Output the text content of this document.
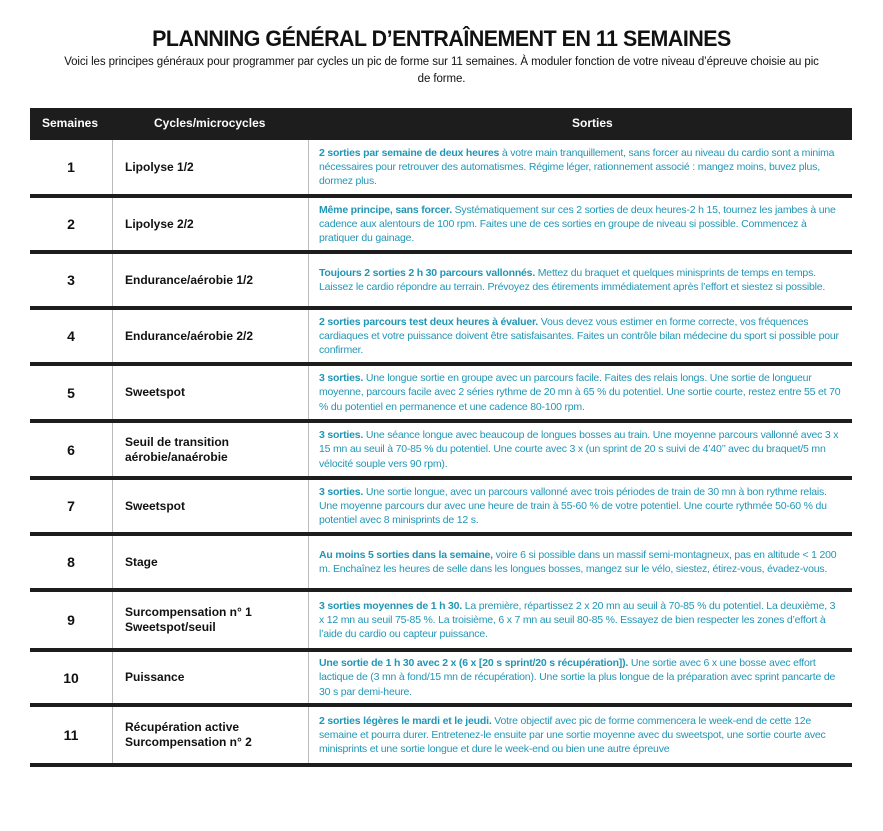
PLANNING GÉNÉRAL D’ENTRAÎNEMENT EN 11 SEMAINES
Voici les principes généraux pour programmer par cycles un pic de forme sur 11 semaines. À moduler fonction de votre niveau d’épreuve choisie au pic de forme.
Semaines	Cycles/microcycles	Sorties
1	Lipolyse 1/2
2 sorties par semaine de deux heures à votre main tranquillement, sans forcer au niveau du cardio sont a minima nécessaires pour retrouver des automatismes. Régime léger, rationnement associé : mangez moins, buvez plus, dormez plus.
2	Lipolyse 2/2
Même principe, sans forcer. Systématiquement sur ces 2 sorties de deux heures-2 h 15, tournez les jambes à une cadence aux alentours de 100 rpm. Faites une de ces sorties en groupe de niveau si possible. Commencez à pratiquer du gainage.
3	Endurance/aérobie 1/2	Toujours 2 sorties 2 h 30 parcours vallonnés. Mettez du braquet et quelques minisprints de temps en temps. Laissez le cardio répondre au terrain. Prévoyez des étirements immédiatement après l’effort et siestez si possible.
4	Endurance/aérobie 2/2
2 sorties parcours test deux heures à évaluer. Vous devez vous estimer en forme correcte, vos fréquences cardiaques et votre puissance doivent être satisfaisantes. Faites un contrôle bilan médecine du sport si possible pour confirmer.
5	Sweetspot
3 sorties. Une longue sortie en groupe avec un parcours facile. Faites des relais longs. Une sortie de longueur moyenne, parcours facile avec 2 séries rythme de 20 mn à 65 % du potentiel. Une sortie courte, restez entre 55 et 70 % du potentiel en permanence et une cadence 80-100 rpm.
6	Seuil de transition aérobie/anaérobie
3 sorties. Une séance longue avec beaucoup de longues bosses au train. Une moyenne parcours vallonné avec 3 x 15 mn au seuil à 70-85 % du potentiel. Une courte avec 3 x (un sprint de 20 s suivi de 4’40’’ avec du braquet/5 mn vélocité souple vers 90 rpm).
7	Sweetspot
3 sorties. Une sortie longue, avec un parcours vallonné avec trois périodes de train de 30 mn à bon rythme relais. Une moyenne parcours dur avec une heure de train à 55-60 % de votre potentiel. Une courte rythmée 50-60 % du potentiel avec 8 minisprints de 12 s.
8	Stage	Au moins 5 sorties dans la semaine, voire 6 si possible dans un massif semi-montagneux, pas en altitude < 1 200 m. Enchaînez les heures de selle dans les longues bosses, mangez sur le vélo, siestez, étirez-vous, évadez-vous.
9	Surcompensation n° 1 Sweetspot/seuil
3 sorties moyennes de 1 h 30. La première, répartissez 2 x 20 mn au seuil à 70-85 % du potentiel. La deuxième, 3 x 12 mn au seuil 75-85 %. La troisième, 6 x 7 mn au seuil 80-85 %. Essayez de bien respecter les zones d’effort à l’aide du cardio ou capteur puissance.
10	Puissance
Une sortie de 1 h 30 avec 2 x (6 x [20 s sprint/20 s récupération]). Une sortie avec 6 x une bosse avec effort lactique de (3 mn à fond/15 mn de récupération). Une sortie la plus longue de la préparation avec sprint pancarte de 30 s par demi-heure.
11	Récupération active Surcompensation n° 2
2 sorties légères le mardi et le jeudi. Votre objectif avec pic de forme commencera le week-end de cette 12e semaine et pourra durer. Entretenez-le ensuite par une sortie moyenne avec du sweetspot, une sortie courte avec minisprints et une sortie longue et dure le week-end ou bien une autre épreuve
